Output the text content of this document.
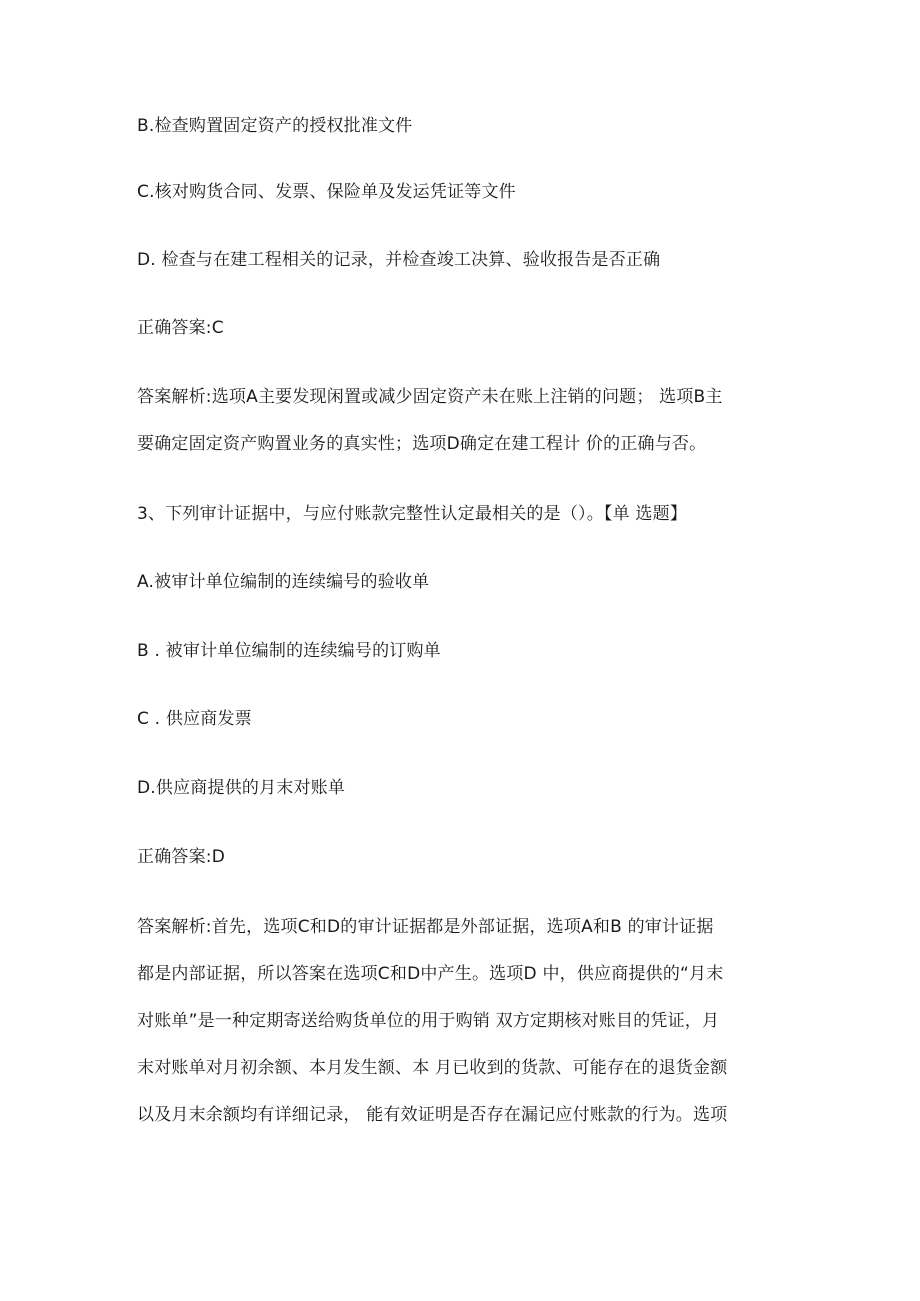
B.检查购置固定资产的授权批准文件
C.核对购货合同、发票、保险单及发运凭证等文件
D. 检查与在建工程相关的记录，并检查竣工决算、验收报告是否正确
正确答案:C
答案解析:选项A主要发现闲置或减少固定资产未在账上注销的问题； 选项B主
要确定固定资产购置业务的真实性；选项D确定在建工程计 价的正确与否。
3、下列审计证据中，与应付账款完整性认定最相关的是（）。【单 选题】
A.被审计单位编制的连续编号的验收单
B . 被审计单位编制的连续编号的订购单
C . 供应商发票
D.供应商提供的月末对账单
正确答案:D
答案解析:首先，选项C和D的审计证据都是外部证据，选项A和B 的审计证据
都是内部证据，所以答案在选项C和D中产生。选项D 中，供应商提供的“月末
对账单”是一种定期寄送给购货单位的用于购销 双方定期核对账目的凭证，月
末对账单对月初余额、本月发生额、本 月已收到的货款、可能存在的退货金额
以及月末余额均有详细记录， 能有效证明是否存在漏记应付账款的行为。选项
